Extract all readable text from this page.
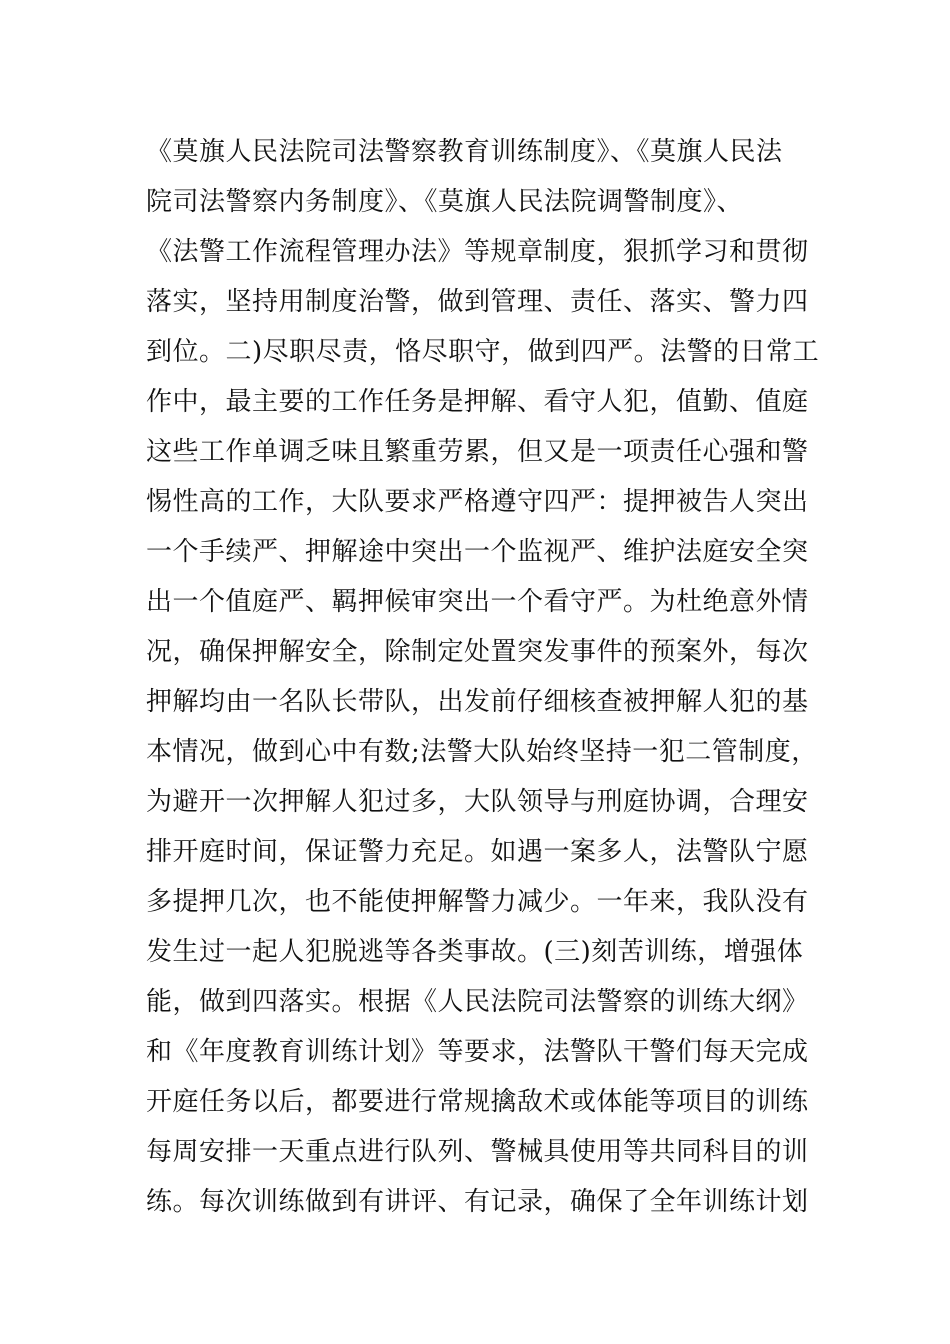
《莫旗人民法院司法警察教育训练制度》、《莫旗人民法
院司法警察内务制度》、《莫旗人民法院调警制度》、
《法警工作流程管理办法》等规章制度，狠抓学习和贯彻
落实，坚持用制度治警，做到管理、责任、落实、警力四
到位。二)尽职尽责，恪尽职守，做到四严。法警的日常工
作中，最主要的工作任务是押解、看守人犯，值勤、值庭
这些工作单调乏味且繁重劳累，但又是一项责任心强和警
惕性高的工作，大队要求严格遵守四严：提押被告人突出
一个手续严、押解途中突出一个监视严、维护法庭安全突
出一个值庭严、羁押候审突出一个看守严。为杜绝意外情
况，确保押解安全，除制定处置突发事件的预案外，每次
押解均由一名队长带队，出发前仔细核查被押解人犯的基
本情况，做到心中有数;法警大队始终坚持一犯二管制度，
为避开一次押解人犯过多，大队领导与刑庭协调，合理安
排开庭时间，保证警力充足。如遇一案多人，法警队宁愿
多提押几次，也不能使押解警力减少。一年来，我队没有
发生过一起人犯脱逃等各类事故。(三)刻苦训练，增强体
能，做到四落实。根据《人民法院司法警察的训练大纲》
和《年度教育训练计划》等要求，法警队干警们每天完成
开庭任务以后，都要进行常规擒敌术或体能等项目的训练
每周安排一天重点进行队列、警械具使用等共同科目的训
练。每次训练做到有讲评、有记录，确保了全年训练计划
